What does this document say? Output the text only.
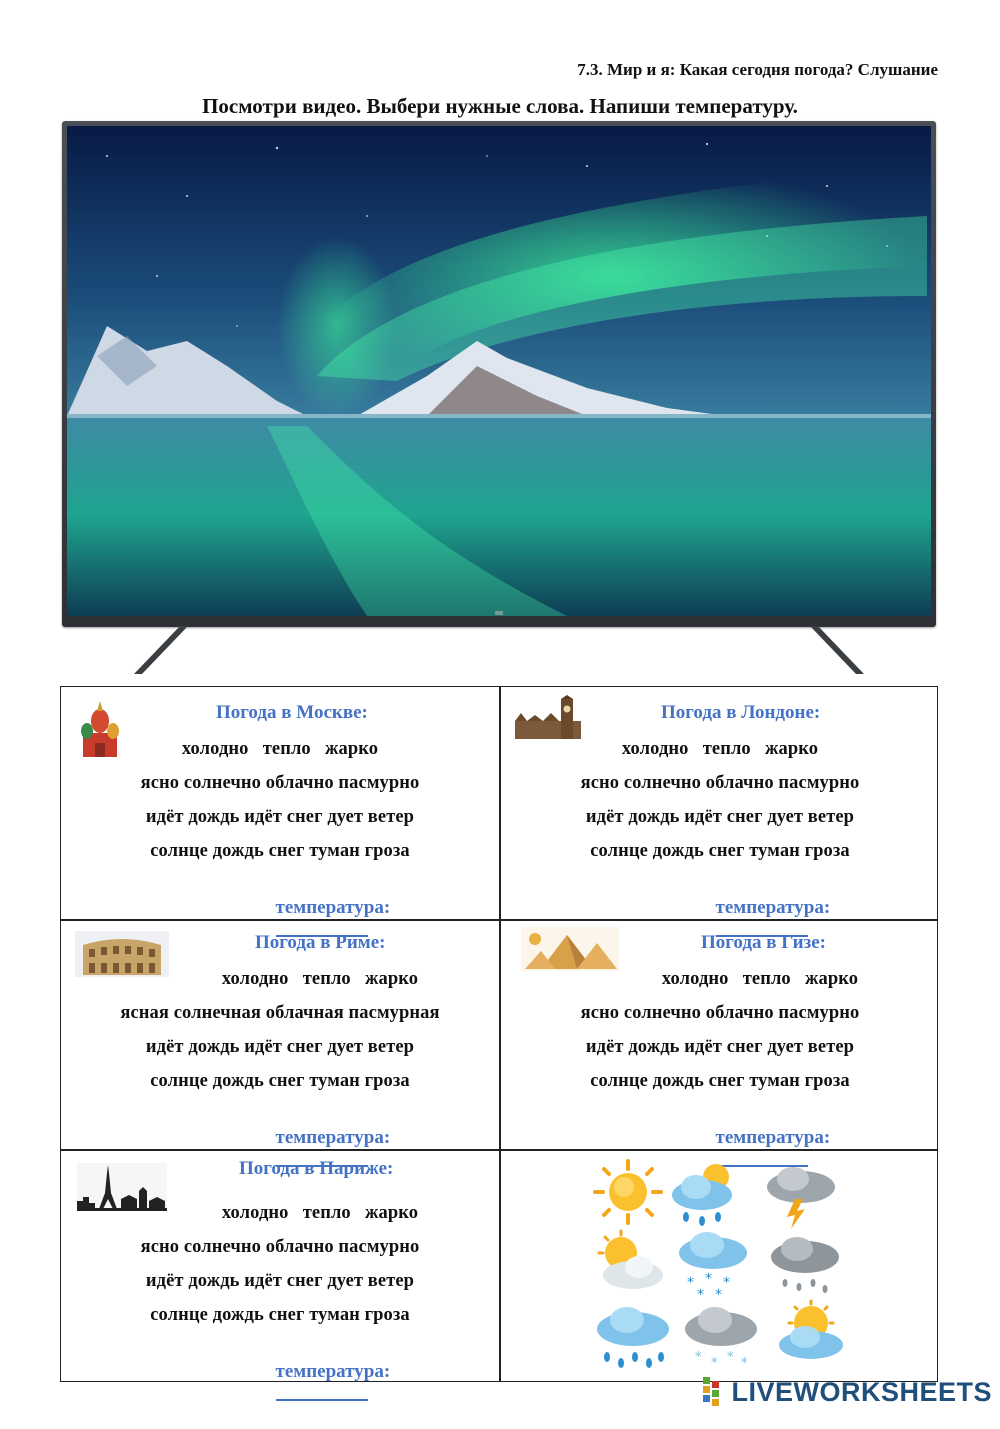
7.3. Мир и я: Какая сегодня погода? Слушание
Посмотри видео. Выбери нужные слова. Напиши температуру.
Погода в Москве:
холодно   тепло   жарко
ясно солнечно облачно пасмурно
идёт дождь идёт снег дует ветер
солнце дождь снег туман гроза

температура:

Погода в Лондоне:
холодно   тепло   жарко
ясно солнечно облачно пасмурно
идёт дождь идёт снег дует ветер
солнце дождь снег туман гроза

температура:

Погода в Риме:
холодно   тепло   жарко
ясная солнечная облачная пасмурная
идёт дождь идёт снег дует ветер
солнце дождь снег туман гроза

температура:

Погода в Гизе:
холодно   тепло   жарко
ясно солнечно облачно пасмурно
идёт дождь идёт снег дует ветер
солнце дождь снег туман гроза

температура:

Погода в Париже:
холодно   тепло   жарко
ясно солнечно облачно пасмурно
идёт дождь идёт снег дует ветер
солнце дождь снег туман гроза

температура:

* * *
* *
* * * *
LIVEWORKSHEETS
